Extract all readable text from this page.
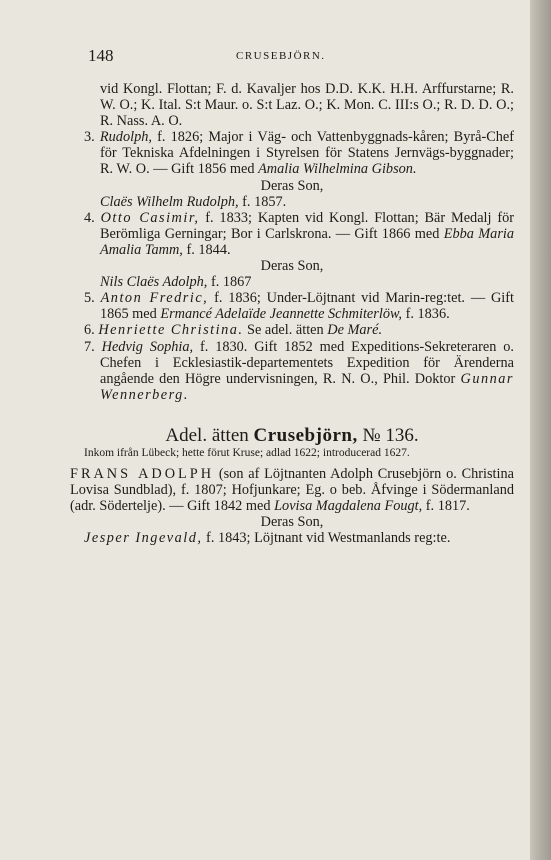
148	CRUSEBJÖRN.

vid Kongl. Flottan; F. d. Kavaljer hos D.D. K.K. H.H. Arffurstarne; R. W. O.; K. Ital. S:t Maur. o. S:t Laz. O.; K. Mon. C. III:s O.; R. D. D. O.; R. Nass. A. O.

3. Rudolph, f. 1826; Major i Väg- och Vattenbyggnads-kåren; Byrå-Chef för Tekniska Afdelningen i Styrelsen för Statens Jernvägs-byggnader; R. W. O. — Gift 1856 med Amalia Wilhelmina Gibson.

Deras Son,

Claës Wilhelm Rudolph, f. 1857.

4. Otto Casimir, f. 1833; Kapten vid Kongl. Flottan; Bär Medalj för Berömliga Gerningar; Bor i Carlskrona. — Gift 1866 med Ebba Maria Amalia Tamm, f. 1844.

Deras Son,

Nils Claës Adolph, f. 1867

5. Anton Fredric, f. 1836; Under-Löjtnant vid Marin-reg:tet. — Gift 1865 med Ermancé Adelaïde Jeannette Schmiterlöw, f. 1836.

6. Henriette Christina. Se adel. ätten De Maré.

7. Hedvig Sophia, f. 1830. Gift 1852 med Expeditions-Sekreteraren o. Chefen i Ecklesiastik-departementets Expedition för Ärenderna angående den Högre undervisningen, R. N. O., Phil. Doktor Gunnar Wennerberg.

Adel. ätten Crusebjörn, № 136.

Inkom ifrån Lübeck; hette förut Kruse; adlad 1622; introducerad 1627.

FRANS ADOLPH (son af Löjtnanten Adolph Crusebjörn o. Christina Lovisa Sundblad), f. 1807; Hofjunkare; Eg. o beb. Åfvinge i Södermanland (adr. Södertelje). — Gift 1842 med Lovisa Magdalena Fougt, f. 1817.

Deras Son,

Jesper Ingevald, f. 1843; Löjtnant vid Westmanlands reg:te.
